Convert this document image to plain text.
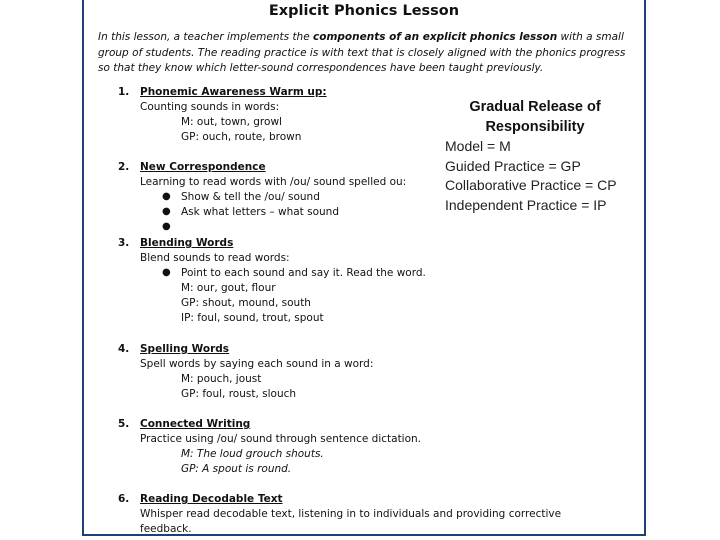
Explicit Phonics Lesson
In this lesson, a teacher implements the components of an explicit phonics lesson with a small group of students. The reading practice is with text that is closely aligned with the phonics progress so that they know which letter-sound correspondences have been taught previously.
1. Phonemic Awareness Warm up:
Counting sounds in words:
M: out, town, growl
GP: ouch, route, brown
2. New Correspondence
Learning to read words with /ou/ sound spelled ou:
● Show & tell the /ou/ sound
● Ask what letters – what sound
●
3. Blending Words
Blend sounds to read words:
● Point to each sound and say it. Read the word.
M: our, gout, flour
GP: shout, mound, south
IP: foul, sound, trout, spout
4. Spelling Words
Spell words by saying each sound in a word:
M: pouch, joust
GP: foul, roust, slouch
5. Connected Writing
Practice using /ou/ sound through sentence dictation.
M: The loud grouch shouts.
GP: A spout is round.
6. Reading Decodable Text
Whisper read decodable text, listening in to individuals and providing corrective
feedback.
Gradual Release of Responsibility
Model = M
Guided Practice = GP
Collaborative Practice = CP
Independent Practice = IP
